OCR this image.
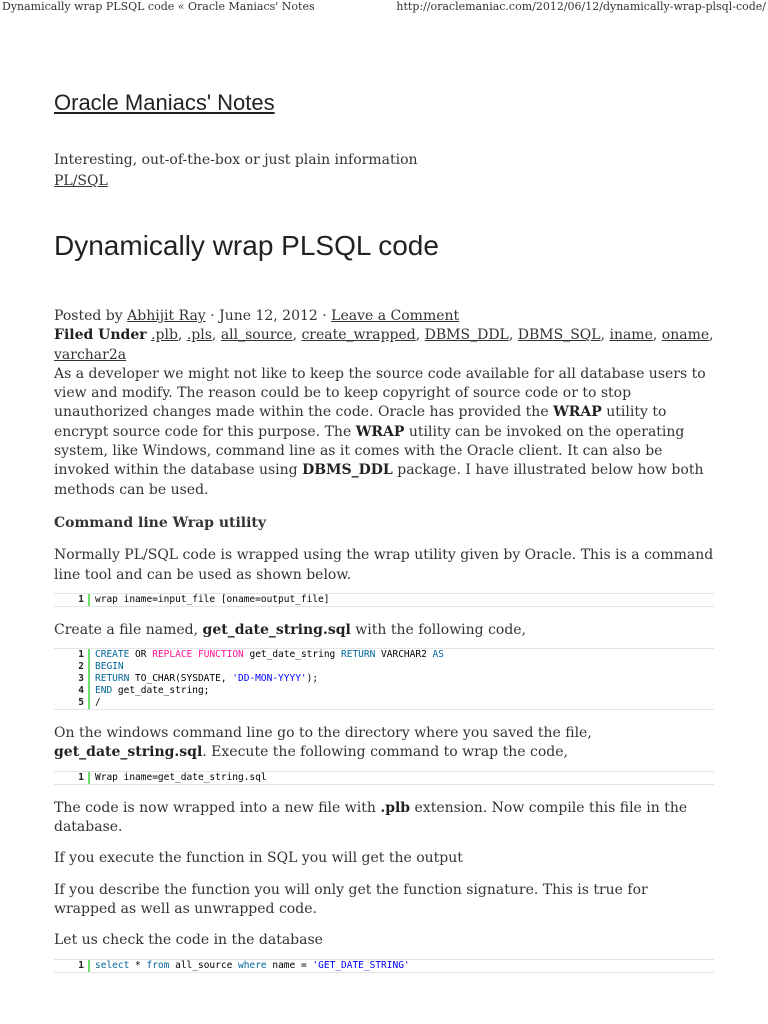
Dynamically wrap PLSQL code « Oracle Maniacs' Notes	http://oraclemaniac.com/2012/06/12/dynamically-wrap-plsql-code/
Oracle Maniacs' Notes
Interesting, out-of-the-box or just plain information
PL/SQL
Dynamically wrap PLSQL code

Posted by Abhijit Ray · June 12, 2012 · Leave a Comment

Filed Under .plb, .pls, all_source, create_wrapped, DBMS_DDL, DBMS_SQL, iname, oname, varchar2a

As a developer we might not like to keep the source code available for all database users to view and modify. The reason could be to keep copyright of source code or to stop unauthorized changes made within the code. Oracle has provided the WRAP utility to encrypt source code for this purpose. The WRAP utility can be invoked on the operating system, like Windows, command line as it comes with the Oracle client. It can also be invoked within the database using DBMS_DDL package. I have illustrated below how both methods can be used.

Command line Wrap utility

Normally PL/SQL code is wrapped using the wrap utility given by Oracle. This is a command line tool and can be used as shown below.

1	wrap iname=input_file [oname=output_file]

Create a file named, get_date_string.sql with the following code,

1	CREATE OR REPLACE FUNCTION get_date_string RETURN VARCHAR2 AS
2	BEGIN
3	RETURN TO_CHAR(SYSDATE, 'DD-MON-YYYY');
4	END get_date_string;
5	/

On the windows command line go to the directory where you saved the file, get_date_string.sql. Execute the following command to wrap the code,

1	Wrap iname=get_date_string.sql

The code is now wrapped into a new file with .plb extension. Now compile this file in the database.

If you execute the function in SQL you will get the output

If you describe the function you will only get the function signature. This is true for wrapped as well as unwrapped code.

Let us check the code in the database

1	select * from all_source where name = 'GET_DATE_STRING'
